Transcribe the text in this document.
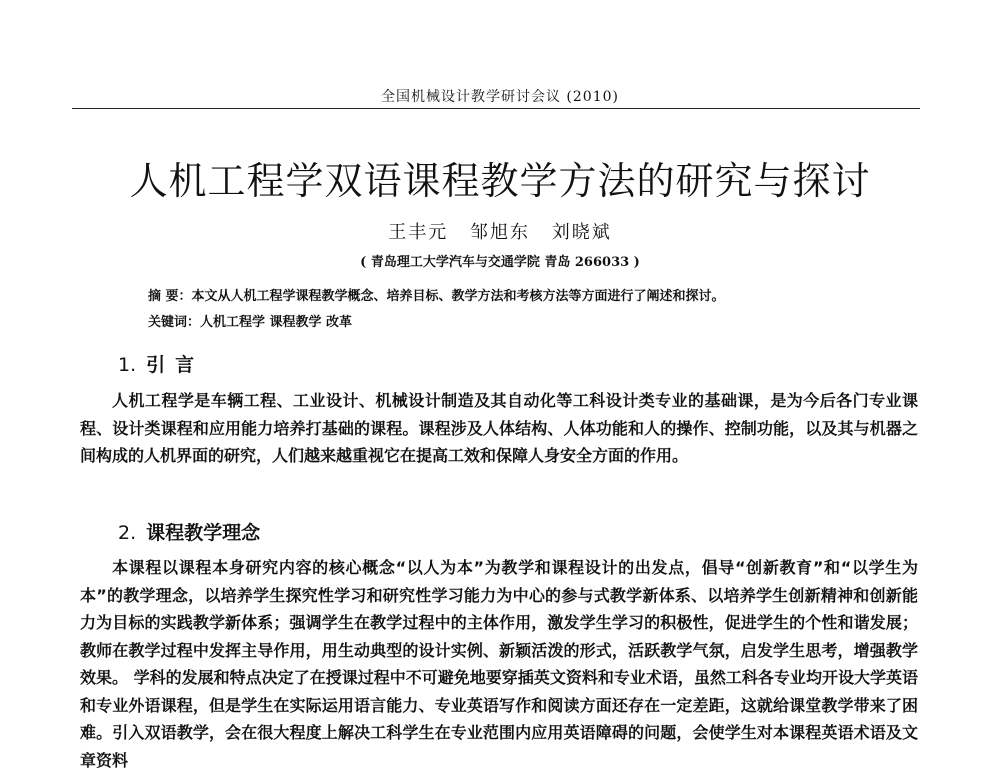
全国机械设计教学研讨会议 (2010)
人机工程学双语课程教学方法的研究与探讨
王丰元 邹旭东 刘晓斌
( 青岛理工大学汽车与交通学院 青岛 266033 )
摘 要：本文从人机工程学课程教学概念、培养目标、教学方法和考核方法等方面进行了阐述和探讨。
关键词：人机工程学 课程教学 改革
1. 引言

人机工程学是车辆工程、工业设计、机械设计制造及其自动化等工科设计类专业的基础课，是为今后各门专业课程、设计类课程和应用能力培养打基础的课程。课程涉及人体结构、人体功能和人的操作、控制功能，以及其与机器之间构成的人机界面的研究，人们越来越重视它在提高工效和保障人身安全方面的作用。

2. 课程教学理念

本课程以课程本身研究内容的核心概念“以人为本”为教学和课程设计的出发点，倡导“创新教育”和“以学生为本”的教学理念，以培养学生探究性学习和研究性学习能力为中心的参与式教学新体系、以培养学生创新精神和创新能力为目标的实践教学新体系；强调学生在教学过程中的主体作用，激发学生学习的积极性，促进学生的个性和谐发展；教师在教学过程中发挥主导作用，用生动典型的设计实例、新颖活泼的形式，活跃教学气氛，启发学生思考，增强教学效果。 学科的发展和特点决定了在授课过程中不可避免地要穿插英文资料和专业术语，虽然工科各专业均开设大学英语和专业外语课程，但是学生在实际运用语言能力、专业英语写作和阅读方面还存在一定差距，这就给课堂教学带来了困难。引入双语教学，会在很大程度上解决工科学生在专业范围内应用英语障碍的问题，会使学生对本课程英语术语及文章资料
